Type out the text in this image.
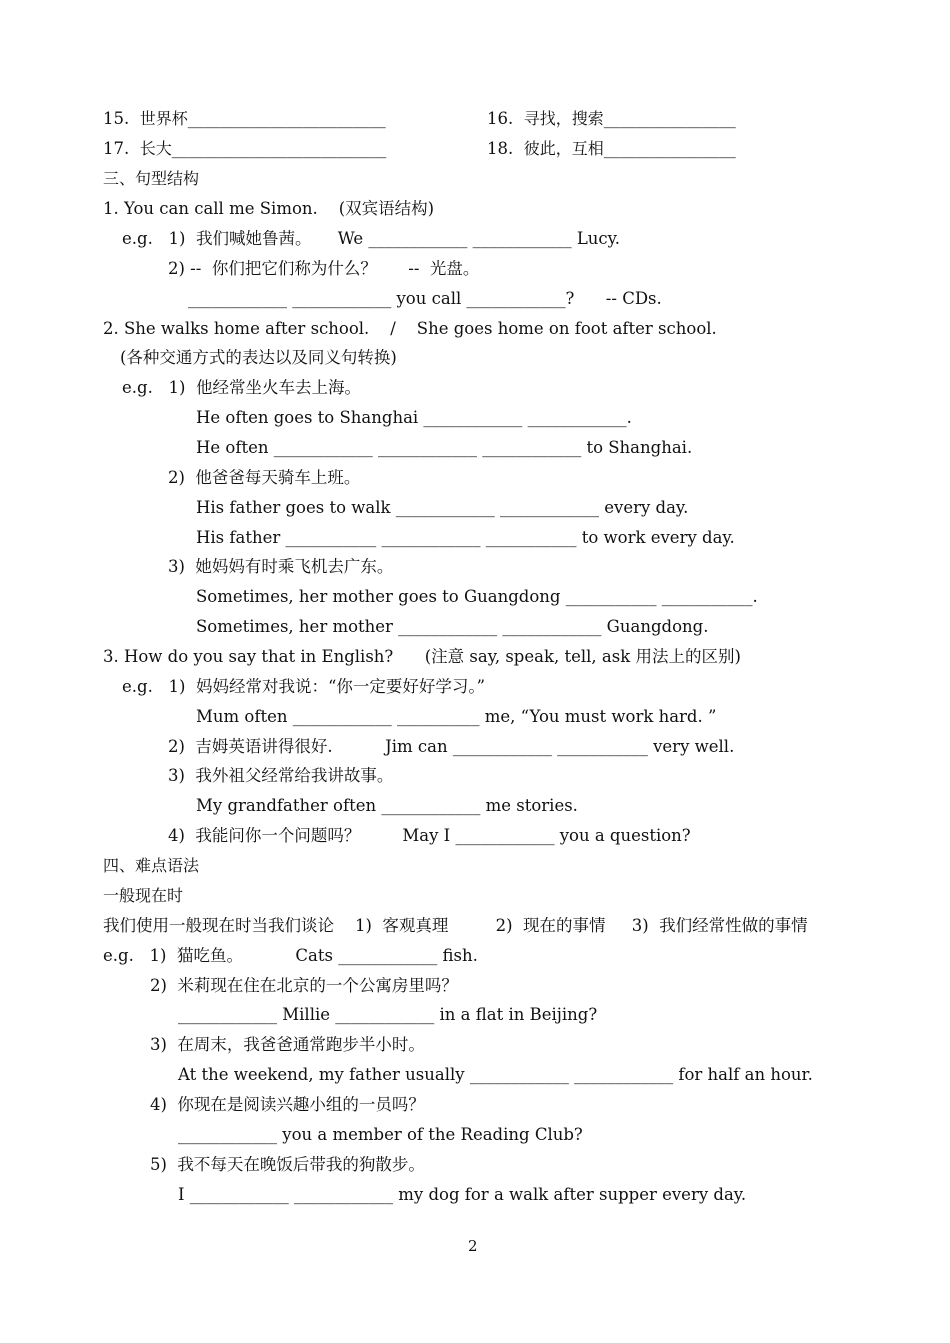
15. 世界杯________________________	16. 寻找，搜索________________
17. 长大__________________________	18. 彼此，互相________________
三、句型结构
1. You can call me Simon.    (双宾语结构)
e.g.   1)  我们喊她鲁茜。     We ____________ ____________ Lucy.
2) --  你们把它们称为什么？      --  光盘。
____________ ____________ you call ____________?      -- CDs.
2. She walks home after school.    /    She goes home on foot after school.
(各种交通方式的表达以及同义句转换)
e.g.   1)  他经常坐火车去上海。
He often goes to Shanghai ____________ ____________.
He often ____________ ____________ ____________ to Shanghai.
2)  他爸爸每天骑车上班。
His father goes to walk ____________ ____________ every day.
His father ___________ ____________ ___________ to work every day.
3)  她妈妈有时乘飞机去广东。
Sometimes, her mother goes to Guangdong ___________ ___________.
Sometimes, her mother ____________ ____________ Guangdong.
3. How do you say that in English?      (注意 say, speak, tell, ask 用法上的区别)
e.g.   1)  妈妈经常对我说：“你一定要好好学习。”
Mum often ____________ __________ me, “You must work hard. ”
2)  吉姆英语讲得很好.          Jim can ____________ ___________ very well.
3)  我外祖父经常给我讲故事。
My grandfather often ____________ me stories.
4)  我能问你一个问题吗？        May I ____________ you a question?
四、难点语法
一般现在时
我们使用一般现在时当我们谈论    1)  客观真理         2)  现在的事情     3)  我们经常性做的事情
e.g.   1)  猫吃鱼。          Cats ____________ fish.
2)  米莉现在住在北京的一个公寓房里吗？
____________ Millie ____________ in a flat in Beijing?
3)  在周末，我爸爸通常跑步半小时。
At the weekend, my father usually ____________ ____________ for half an hour.
4)  你现在是阅读兴趣小组的一员吗？
____________ you a member of the Reading Club?
5)  我不每天在晚饭后带我的狗散步。
I ____________ ____________ my dog for a walk after supper every day.
2
